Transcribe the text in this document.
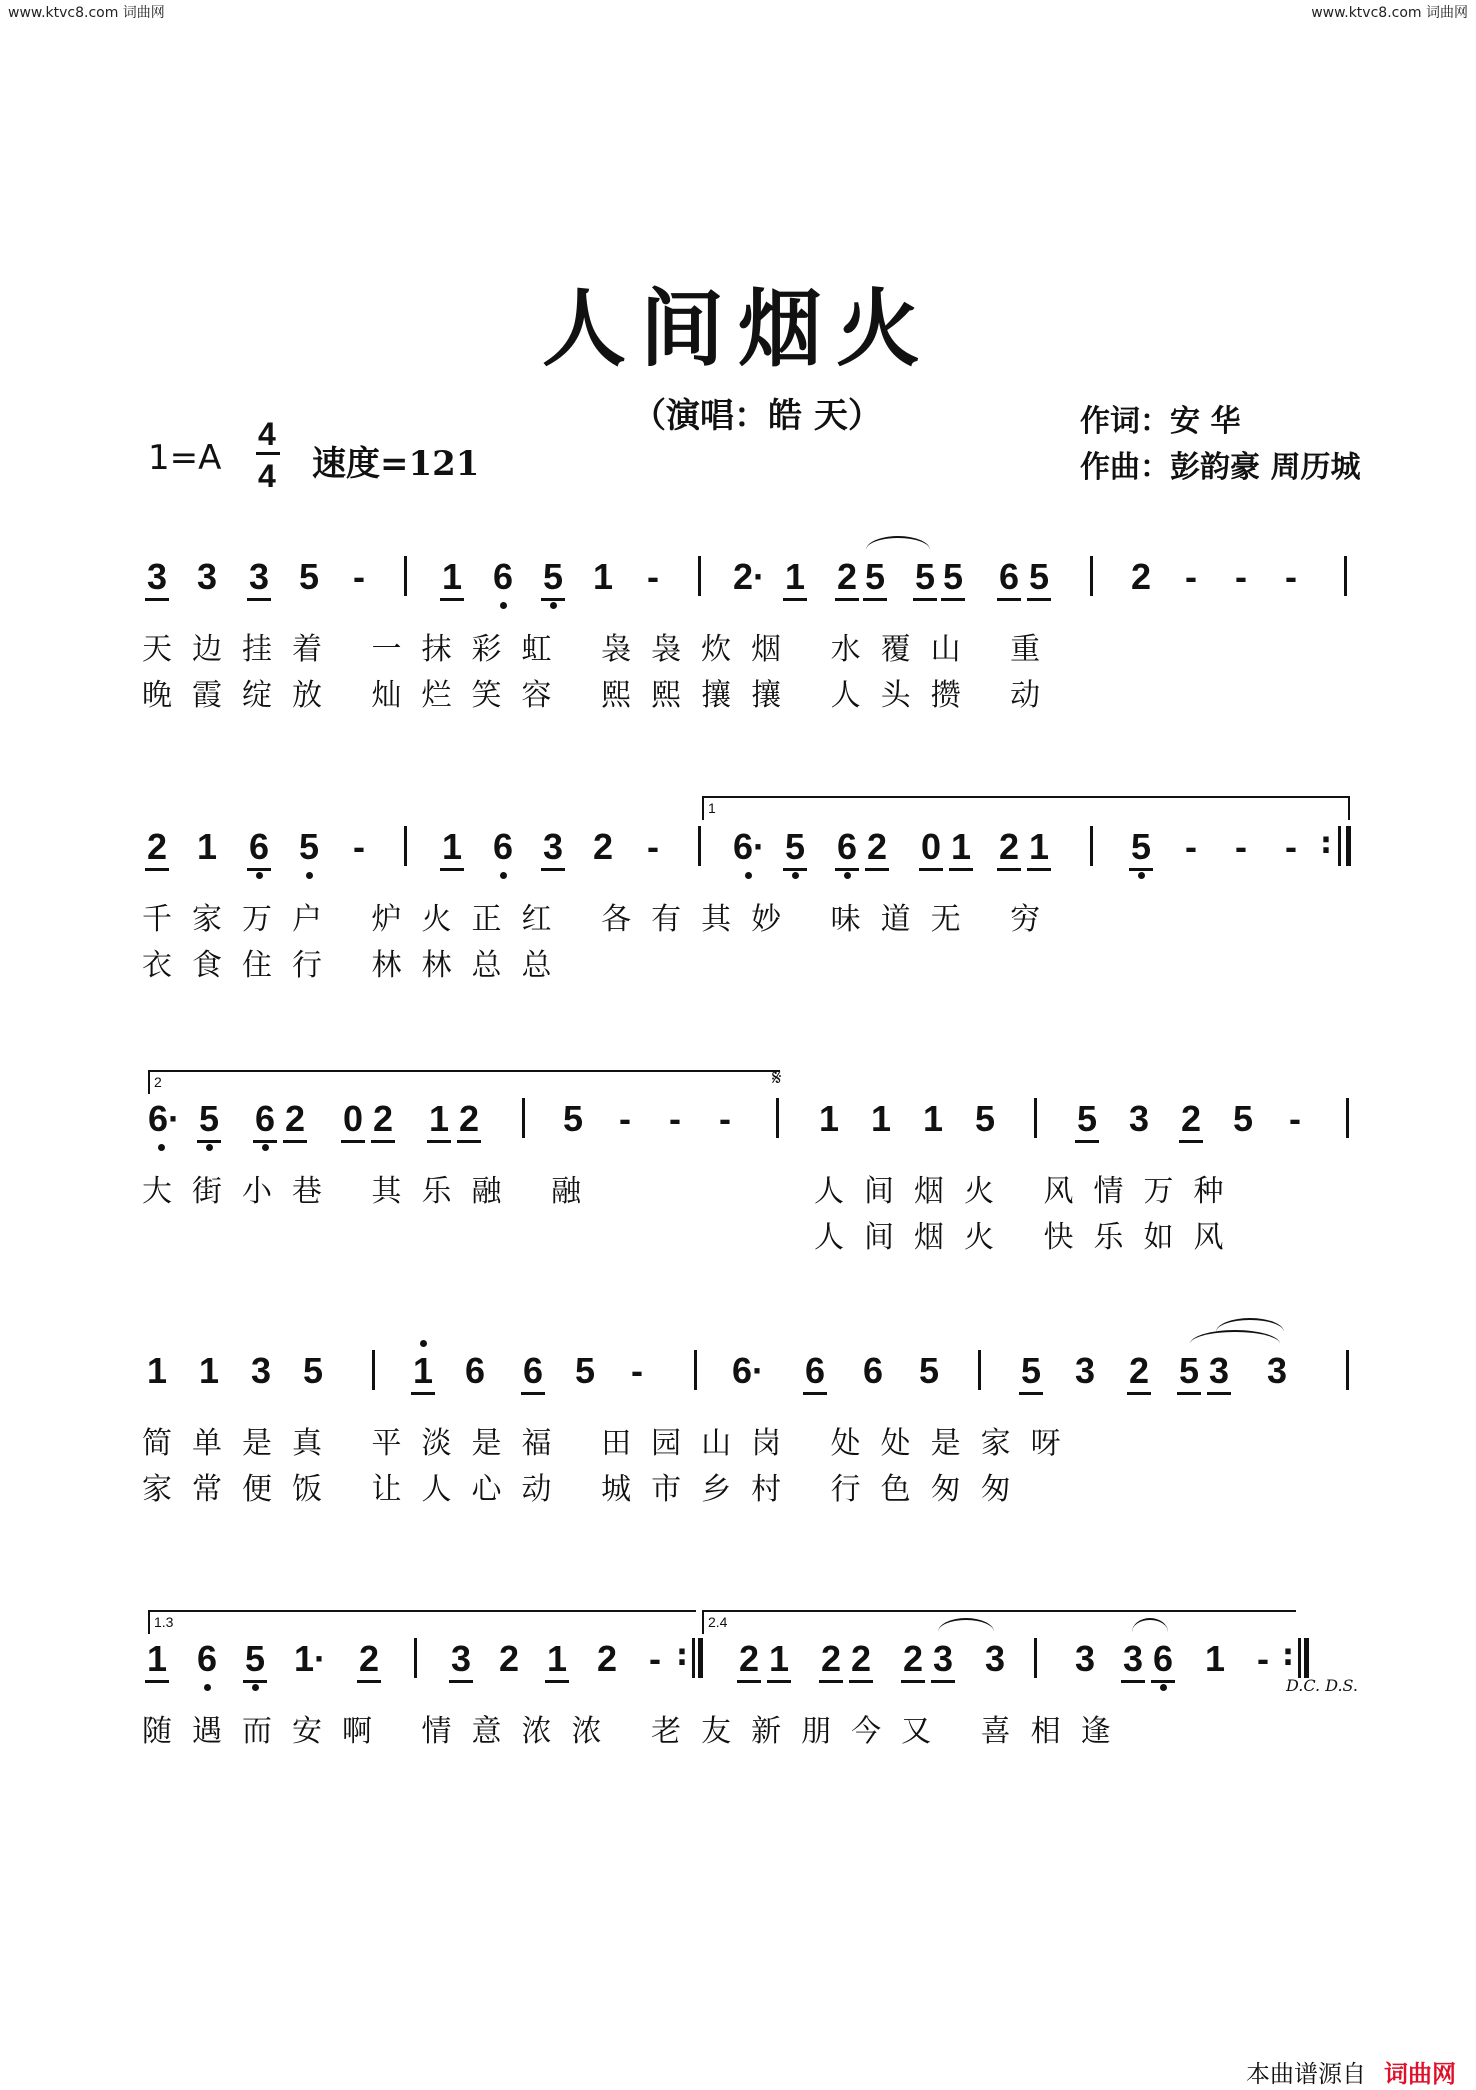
www.ktvc8.com 词曲网	www.ktvc8.com 词曲网
人间烟火
（演唱：皓 天）	作词：安 华
作曲：彭韵豪 周历城
1=A
4
4 速度=121
3 3 3 5 - 1 6 5 1 - 2· 1 2 5 5 5 6 5 2 - - -
天边挂着 一抹彩虹 袅袅炊烟 水覆山 重
晚霞绽放 灿烂笑容 熙熙攘攘 人头攒 动
2 1 6 5 - 1 6 3 2 -
1
6· 5 6 2 0 1 2 1 5 - - - :
千家万户 炉火正红 各有其妙 味道无 穷
衣食住行 林林总总
2	𝄋
6· 5 6 2 0 2 1 2 5 - - - 1 1 1 5 5 3 2 5 -
大街小巷 其乐融 融	人间烟火 风情万种
人间烟火 快乐如风
1 1 3 5 1 6 6 5 - 6· 6 6 5 5 3 2 5 3 3
简单是真 平淡是福 田园山岗 处处是家呀
家常便饭 让人心动 城市乡村 行色匆匆
1.3	2.4
1 6 5 1· 2 3 2 1 2 - : 2 1 2 2 2 3 3 3 3 6 1 - :
D.C. D.S.
随遇而安啊 情意浓浓 老友新朋今又 喜相逢
本曲谱源自 词曲网
